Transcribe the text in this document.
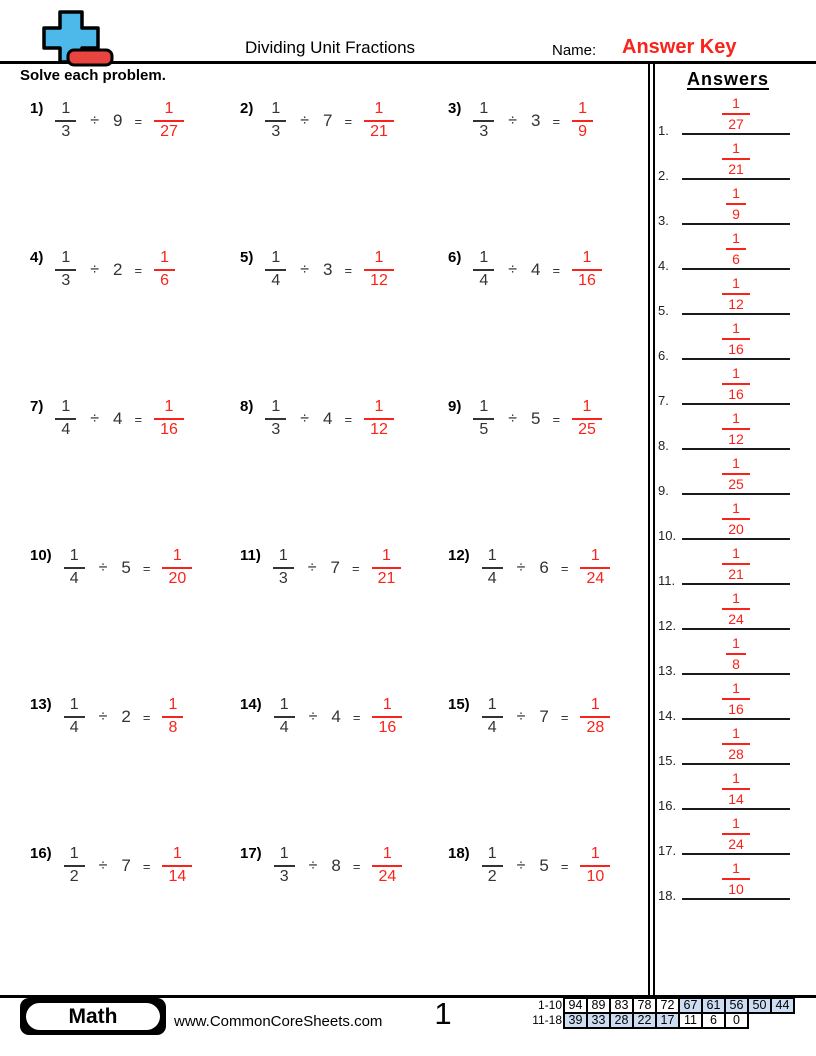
Dividing Unit Fractions	Name: Answer Key
Solve each problem.	Answers
1.	$\frac{1}{27}$
2.	$\frac{1}{21}$
3.	$\frac{1}{9}$
4.	$\frac{1}{6}$
5.	$\frac{1}{12}$
6.	$\frac{1}{16}$
7.	$\frac{1}{16}$
8.	$\frac{1}{12}$
9.	$\frac{1}{25}$
10.	$\frac{1}{20}$
11.	$\frac{1}{21}$
12.	$\frac{1}{24}$
13.	$\frac{1}{8}$
14.	$\frac{1}{16}$
15.	$\frac{1}{28}$
16.	$\frac{1}{14}$
17.	$\frac{1}{24}$
18.	$\frac{1}{10}$
$1) \frac{1}{3} \div 9 = \frac{1}{27}$	$2) \frac{1}{3} \div 7 = \frac{1}{21}$	$3) \frac{1}{3} \div 3 = \frac{1}{9}$
$4) \frac{1}{3} \div 2 = \frac{1}{6}$	$5) \frac{1}{4} \div 3 = \frac{1}{12}$	$6) \frac{1}{4} \div 4 = \frac{1}{16}$
$7) \frac{1}{4} \div 4 = \frac{1}{16}$	$8) \frac{1}{3} \div 4 = \frac{1}{12}$	$9) \frac{1}{5} \div 5 = \frac{1}{25}$
$10) \frac{1}{4} \div 5 = \frac{1}{20}$	$11) \frac{1}{3} \div 7 = \frac{1}{21}$	$12) \frac{1}{4} \div 6 = \frac{1}{24}$
$13) \frac{1}{4} \div 2 = \frac{1}{8}$	$14) \frac{1}{4} \div 4 = \frac{1}{16}$	$15) \frac{1}{4} \div 7 = \frac{1}{28}$
$16) \frac{1}{2} \div 7 = \frac{1}{14}$	$17) \frac{1}{3} \div 8 = \frac{1}{24}$	$18) \frac{1}{2} \div 5 = \frac{1}{10}$
Math	www.CommonCoreSheets.com	1	1-10 94 89 83 78 72 67 61 56 50 44
11-18 39 33 28 22 17 11	6	0
